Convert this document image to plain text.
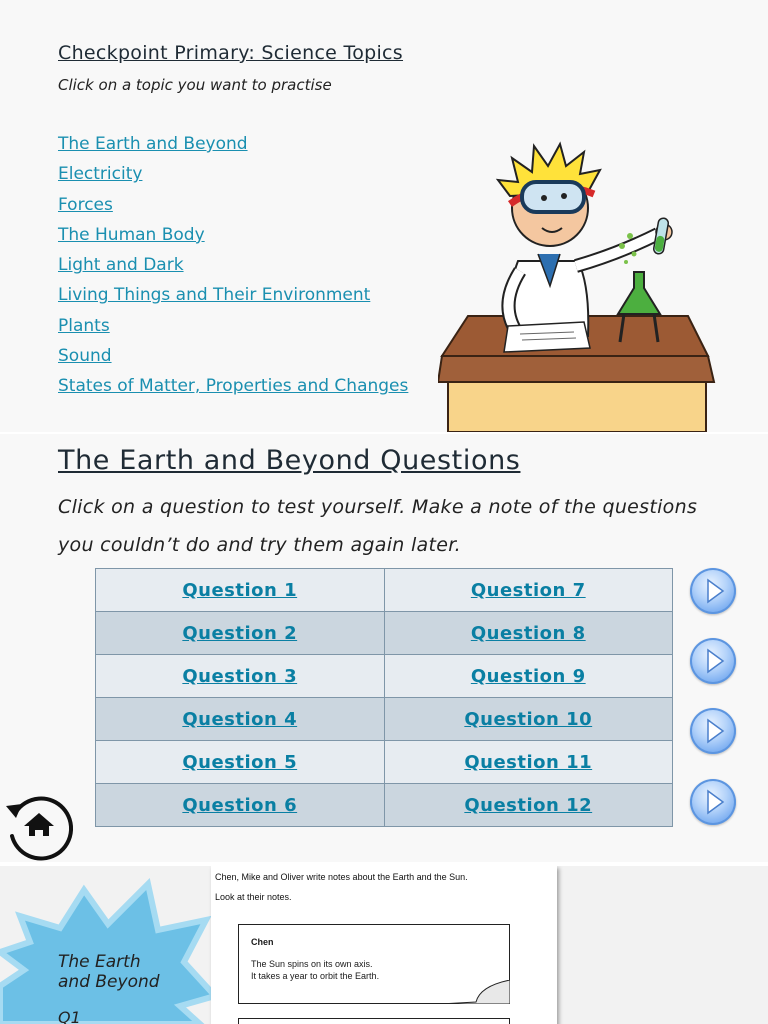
Checkpoint Primary: Science Topics

Click on a topic you want to practise

The Earth and Beyond
Electricity
Forces
The Human Body
Light and Dark
Living Things and Their Environment
Plants
Sound
States of Matter, Properties and Changes
The Earth and Beyond Questions

Click on a question to test yourself. Make a note of the questions you couldn’t do and try them again later.

Question 1	Question 7
Question 2	Question 8
Question 3	Question 9
Question 4	Question 10
Question 5	Question 11
Question 6	Question 12
The Earth
and Beyond
Q1
Chen, Mike and Oliver write notes about the Earth and the Sun.
Look at their notes.
Chen
The Sun spins on its own axis.
It takes a year to orbit the Earth.
